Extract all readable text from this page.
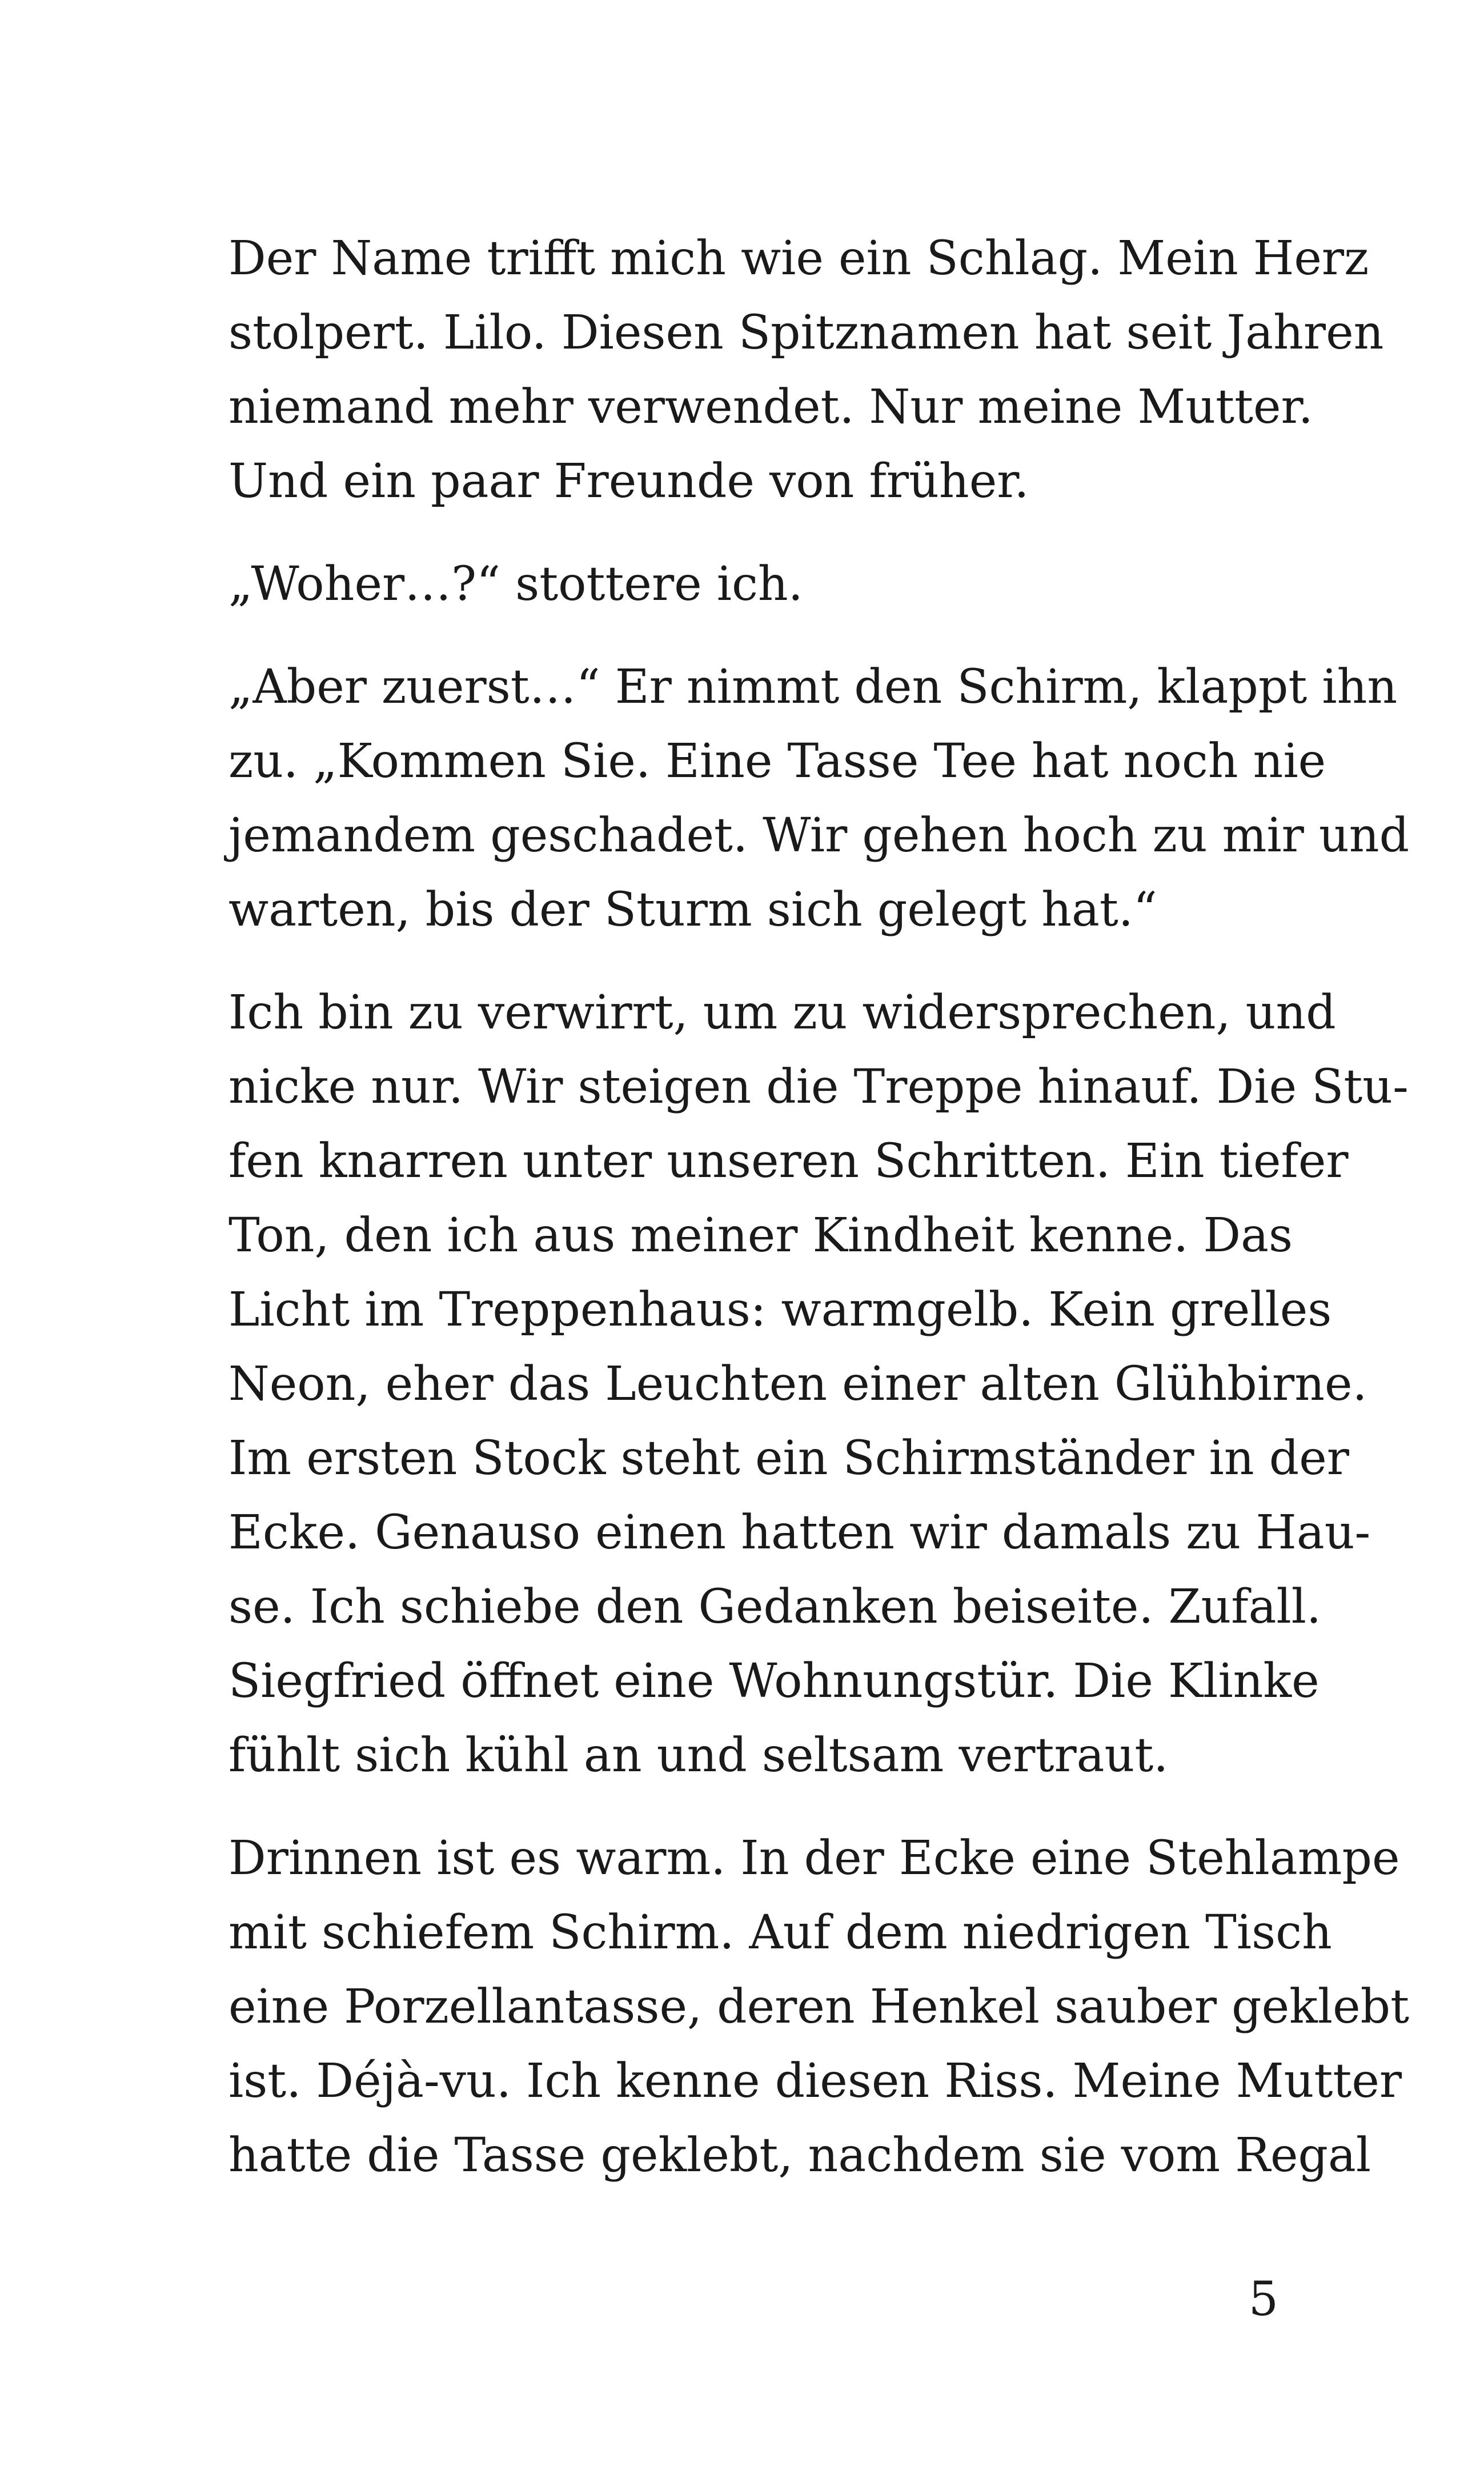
Der Name trifft mich wie ein Schlag. Mein Herz
stolpert. Lilo. Diesen Spitznamen hat seit Jahren
niemand mehr verwendet. Nur meine Mutter.
Und ein paar Freunde von früher.
„Woher…?“ stottere ich.
„Aber zuerst…“ Er nimmt den Schirm, klappt ihn
zu. „Kommen Sie. Eine Tasse Tee hat noch nie
jemandem geschadet. Wir gehen hoch zu mir und
warten, bis der Sturm sich gelegt hat.“
Ich bin zu verwirrt, um zu widersprechen, und
nicke nur. Wir steigen die Treppe hinauf. Die Stu-
fen knarren unter unseren Schritten. Ein tiefer
Ton, den ich aus meiner Kindheit kenne. Das
Licht im Treppenhaus: warmgelb. Kein grelles
Neon, eher das Leuchten einer alten Glühbirne.
Im ersten Stock steht ein Schirmständer in der
Ecke. Genauso einen hatten wir damals zu Hau-
se. Ich schiebe den Gedanken beiseite. Zufall.
Siegfried öffnet eine Wohnungstür. Die Klinke
fühlt sich kühl an und seltsam vertraut.
Drinnen ist es warm. In der Ecke eine Stehlampe
mit schiefem Schirm. Auf dem niedrigen Tisch
eine Porzellantasse, deren Henkel sauber geklebt
ist. Déjà-vu. Ich kenne diesen Riss. Meine Mutter
hatte die Tasse geklebt, nachdem sie vom Regal
5
